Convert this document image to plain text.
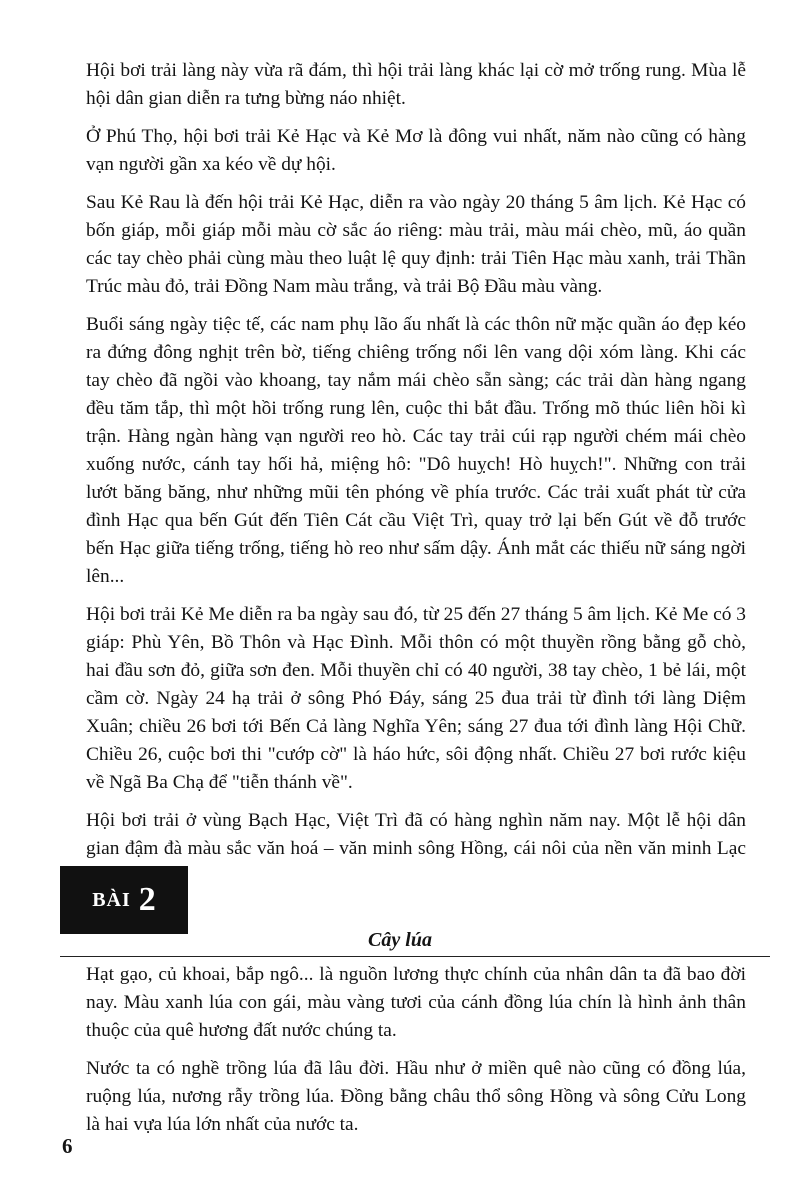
Hội bơi trải làng này vừa rã đám, thì hội trải làng khác lại cờ mở trống rung. Mùa lễ hội dân gian diễn ra tưng bừng náo nhiệt.

Ở Phú Thọ, hội bơi trải Kẻ Hạc và Kẻ Mơ là đông vui nhất, năm nào cũng có hàng vạn người gần xa kéo về dự hội.

Sau Kẻ Rau là đến hội trải Kẻ Hạc, diễn ra vào ngày 20 tháng 5 âm lịch. Kẻ Hạc có bốn giáp, mỗi giáp mỗi màu cờ sắc áo riêng: màu trải, màu mái chèo, mũ, áo quần các tay chèo phải cùng màu theo luật lệ quy định: trải Tiên Hạc màu xanh, trải Thần Trúc màu đỏ, trải Đồng Nam màu trắng, và trải Bộ Đầu màu vàng.

Buổi sáng ngày tiệc tế, các nam phụ lão ấu nhất là các thôn nữ mặc quần áo đẹp kéo ra đứng đông nghịt trên bờ, tiếng chiêng trống nổi lên vang dội xóm làng. Khi các tay chèo đã ngồi vào khoang, tay nắm mái chèo sẵn sàng; các trải dàn hàng ngang đều tăm tắp, thì một hồi trống rung lên, cuộc thi bắt đầu. Trống mõ thúc liên hồi kì trận. Hàng ngàn hàng vạn người reo hò. Các tay trải cúi rạp người chém mái chèo xuống nước, cánh tay hối hả, miệng hô: "Dô huỵch! Hò huỵch!". Những con trải lướt băng băng, như những mũi tên phóng về phía trước. Các trải xuất phát từ cửa đình Hạc qua bến Gút đến Tiên Cát cầu Việt Trì, quay trở lại bến Gút về đỗ trước bến Hạc giữa tiếng trống, tiếng hò reo như sấm dậy. Ánh mắt các thiếu nữ sáng ngời lên...

Hội bơi trải Kẻ Me diễn ra ba ngày sau đó, từ 25 đến 27 tháng 5 âm lịch. Kẻ Me có 3 giáp: Phù Yên, Bồ Thôn và Hạc Đình. Mỗi thôn có một thuyền rồng bằng gỗ chò, hai đầu sơn đỏ, giữa sơn đen. Mỗi thuyền chỉ có 40 người, 38 tay chèo, 1 bẻ lái, một cầm cờ. Ngày 24 hạ trải ở sông Phó Đáy, sáng 25 đua trải từ đình tới làng Diệm Xuân; chiều 26 bơi tới Bến Cả làng Nghĩa Yên; sáng 27 đua tới đình làng Hội Chữ. Chiều 26, cuộc bơi thi "cướp cờ" là háo hức, sôi động nhất. Chiều 27 bơi rước kiệu về Ngã Ba Chạ để "tiễn thánh về".

Hội bơi trải ở vùng Bạch Hạc, Việt Trì đã có hàng nghìn năm nay. Một lễ hội dân gian đậm đà màu sắc văn hoá – văn minh sông Hồng, cái nôi của nền văn minh Lạc

BÀI 2
Cây lúa

Hạt gạo, củ khoai, bắp ngô... là nguồn lương thực chính của nhân dân ta đã bao đời nay. Màu xanh lúa con gái, màu vàng tươi của cánh đồng lúa chín là hình ảnh thân thuộc của quê hương đất nước chúng ta.

Nước ta có nghề trồng lúa đã lâu đời. Hầu như ở miền quê nào cũng có đồng lúa, ruộng lúa, nương rẫy trồng lúa. Đồng bằng châu thổ sông Hồng và sông Cửu Long là hai vựa lúa lớn nhất của nước ta.

6
